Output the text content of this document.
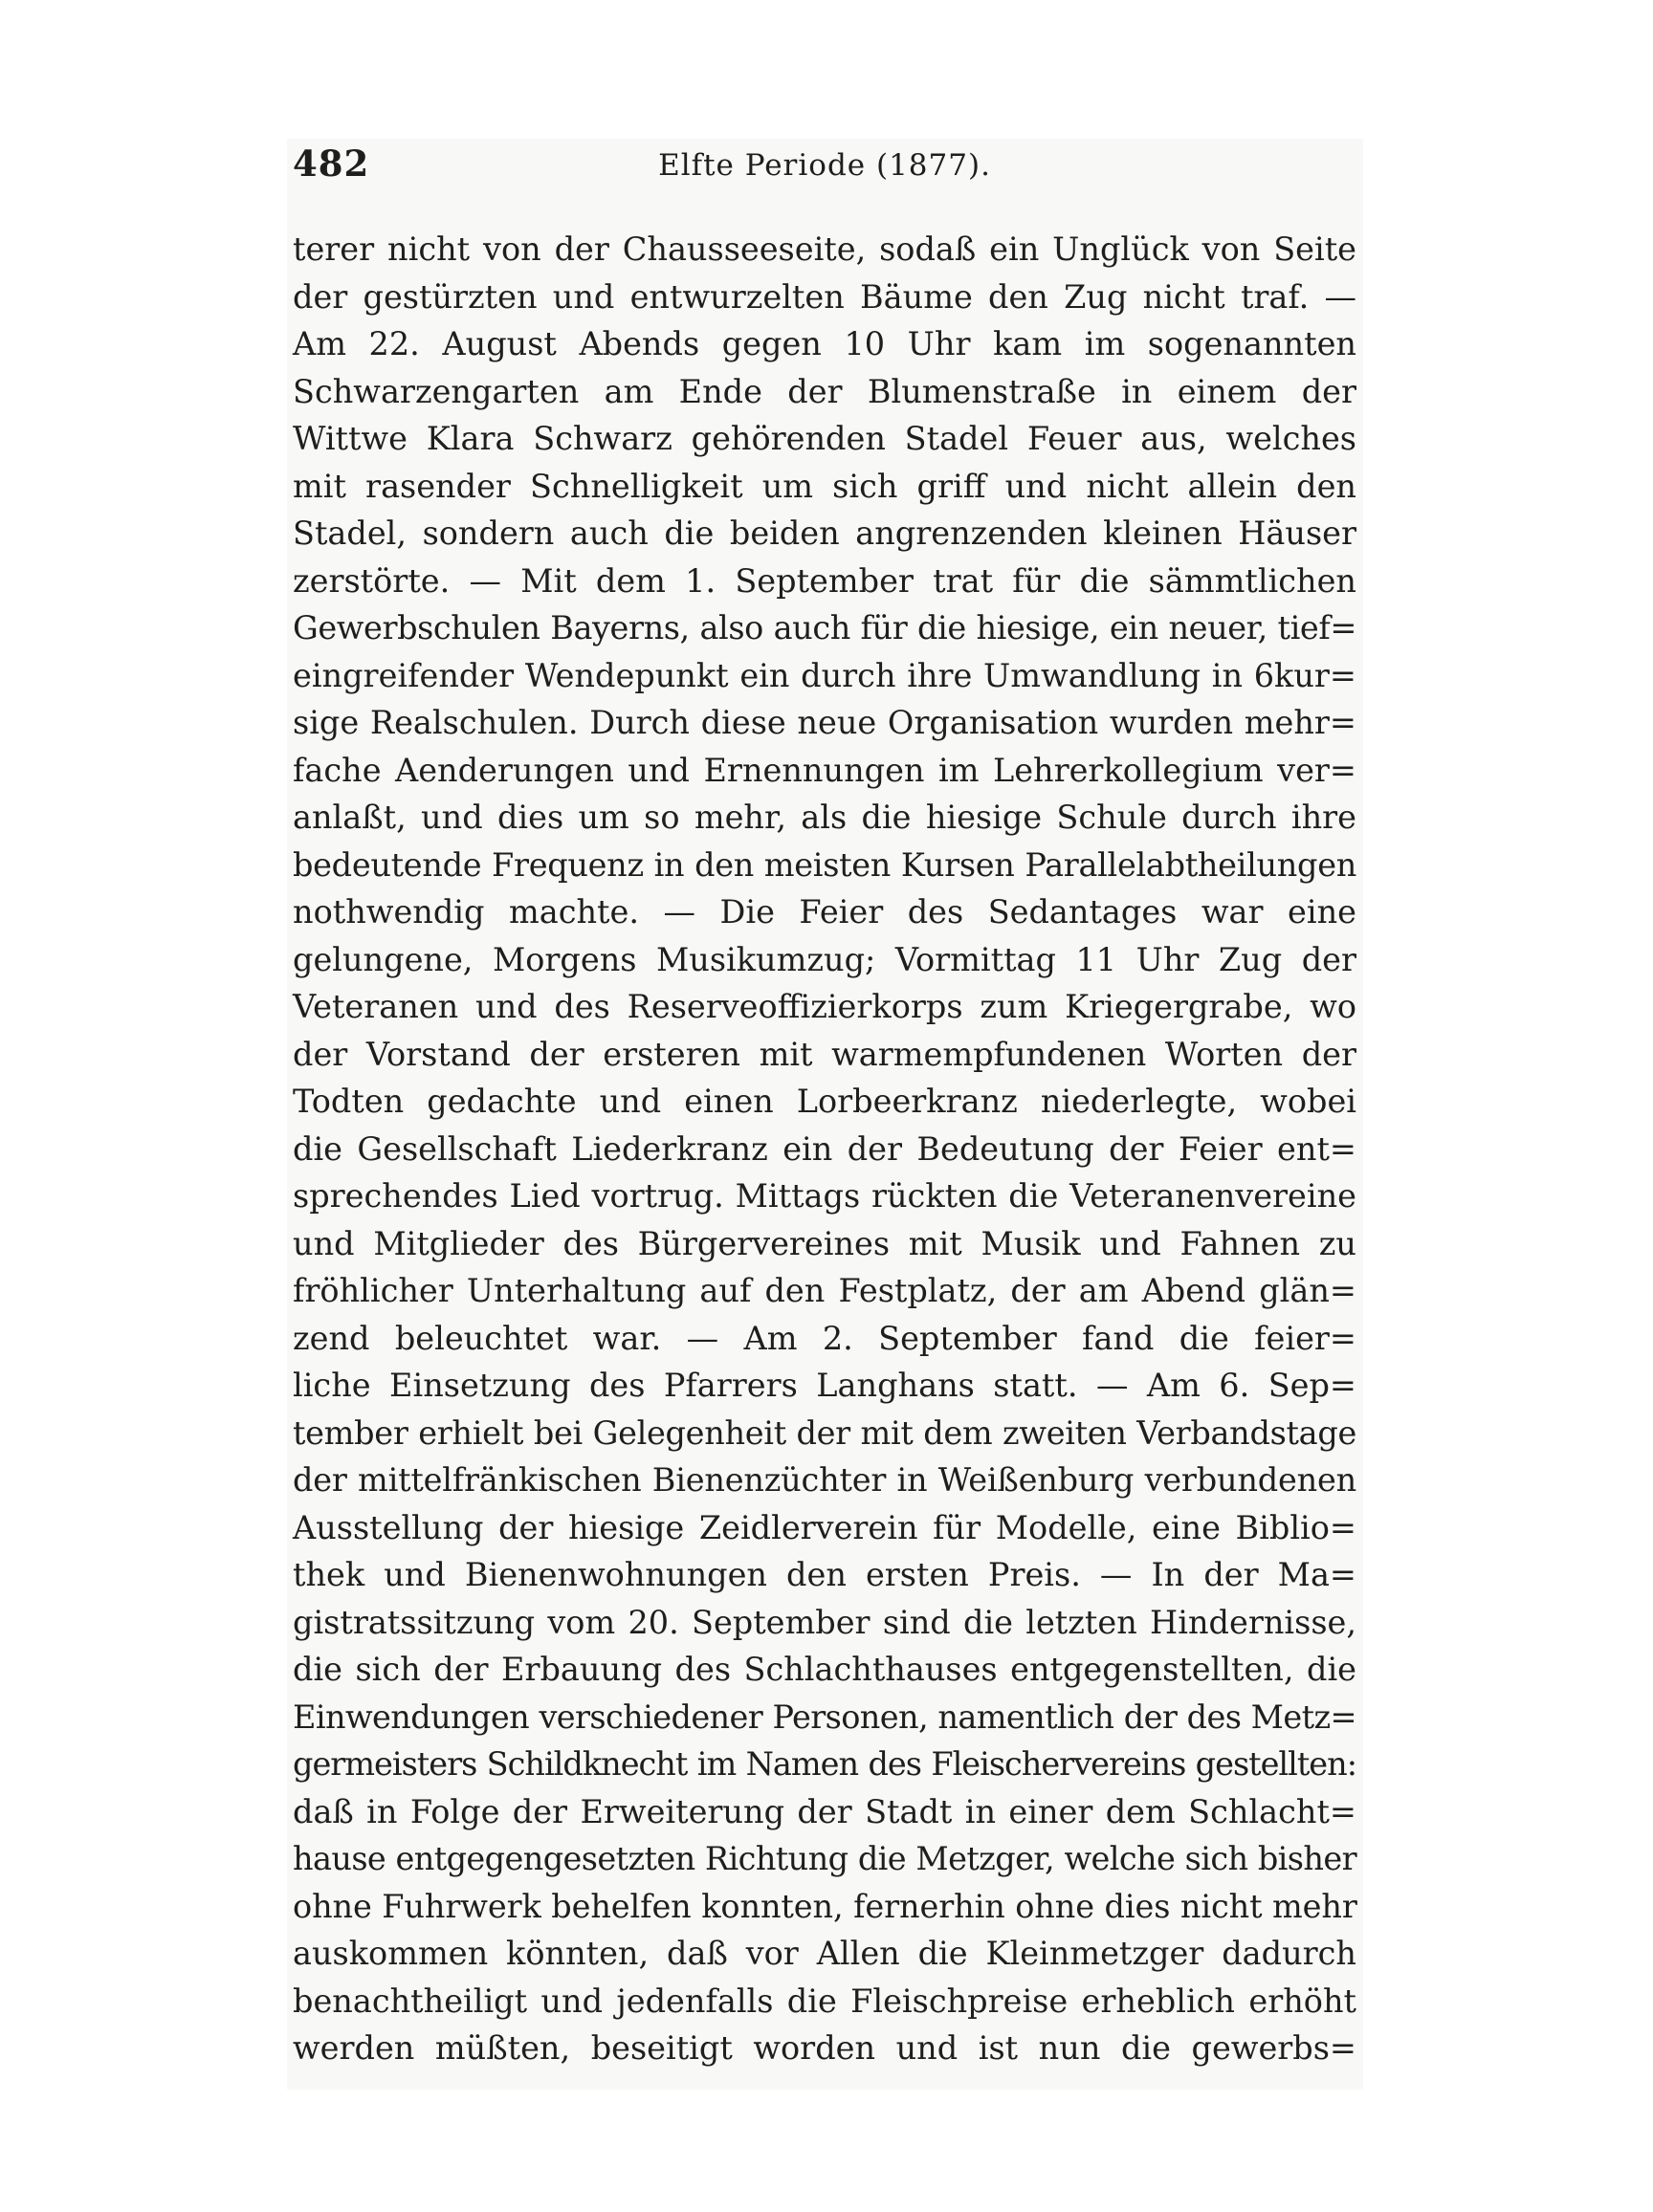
482	Elfte Periode (1877).
terer nicht von der Chausseeseite, sodaß ein Unglück von Seite
der gestürzten und entwurzelten Bäume den Zug nicht traf. —
Am 22. August Abends gegen 10 Uhr kam im sogenannten
Schwarzengarten am Ende der Blumenstraße in einem der
Wittwe Klara Schwarz gehörenden Stadel Feuer aus, welches
mit rasender Schnelligkeit um sich griff und nicht allein den
Stadel, sondern auch die beiden angrenzenden kleinen Häuser
zerstörte. — Mit dem 1. September trat für die sämmtlichen
Gewerbschulen Bayerns, also auch für die hiesige, ein neuer, tief=
eingreifender Wendepunkt ein durch ihre Umwandlung in 6kur=
sige Realschulen. Durch diese neue Organisation wurden mehr=
fache Aenderungen und Ernennungen im Lehrerkollegium ver=
anlaßt, und dies um so mehr, als die hiesige Schule durch ihre
bedeutende Frequenz in den meisten Kursen Parallelabtheilungen
nothwendig machte. — Die Feier des Sedantages war eine
gelungene, Morgens Musikumzug; Vormittag 11 Uhr Zug der
Veteranen und des Reserveoffizierkorps zum Kriegergrabe, wo
der Vorstand der ersteren mit warmempfundenen Worten der
Todten gedachte und einen Lorbeerkranz niederlegte, wobei
die Gesellschaft Liederkranz ein der Bedeutung der Feier ent=
sprechendes Lied vortrug. Mittags rückten die Veteranenvereine
und Mitglieder des Bürgervereines mit Musik und Fahnen zu
fröhlicher Unterhaltung auf den Festplatz, der am Abend glän=
zend beleuchtet war. — Am 2. September fand die feier=
liche Einsetzung des Pfarrers Langhans statt. — Am 6. Sep=
tember erhielt bei Gelegenheit der mit dem zweiten Verbandstage
der mittelfränkischen Bienenzüchter in Weißenburg verbundenen
Ausstellung der hiesige Zeidlerverein für Modelle, eine Biblio=
thek und Bienenwohnungen den ersten Preis. — In der Ma=
gistratssitzung vom 20. September sind die letzten Hindernisse,
die sich der Erbauung des Schlachthauses entgegenstellten, die
Einwendungen verschiedener Personen, namentlich der des Metz=
germeisters Schildknecht im Namen des Fleischervereins gestellten:
daß in Folge der Erweiterung der Stadt in einer dem Schlacht=
hause entgegengesetzten Richtung die Metzger, welche sich bisher
ohne Fuhrwerk behelfen konnten, fernerhin ohne dies nicht mehr
auskommen könnten, daß vor Allen die Kleinmetzger dadurch
benachtheiligt und jedenfalls die Fleischpreise erheblich erhöht
werden müßten, beseitigt worden und ist nun die gewerbs=
